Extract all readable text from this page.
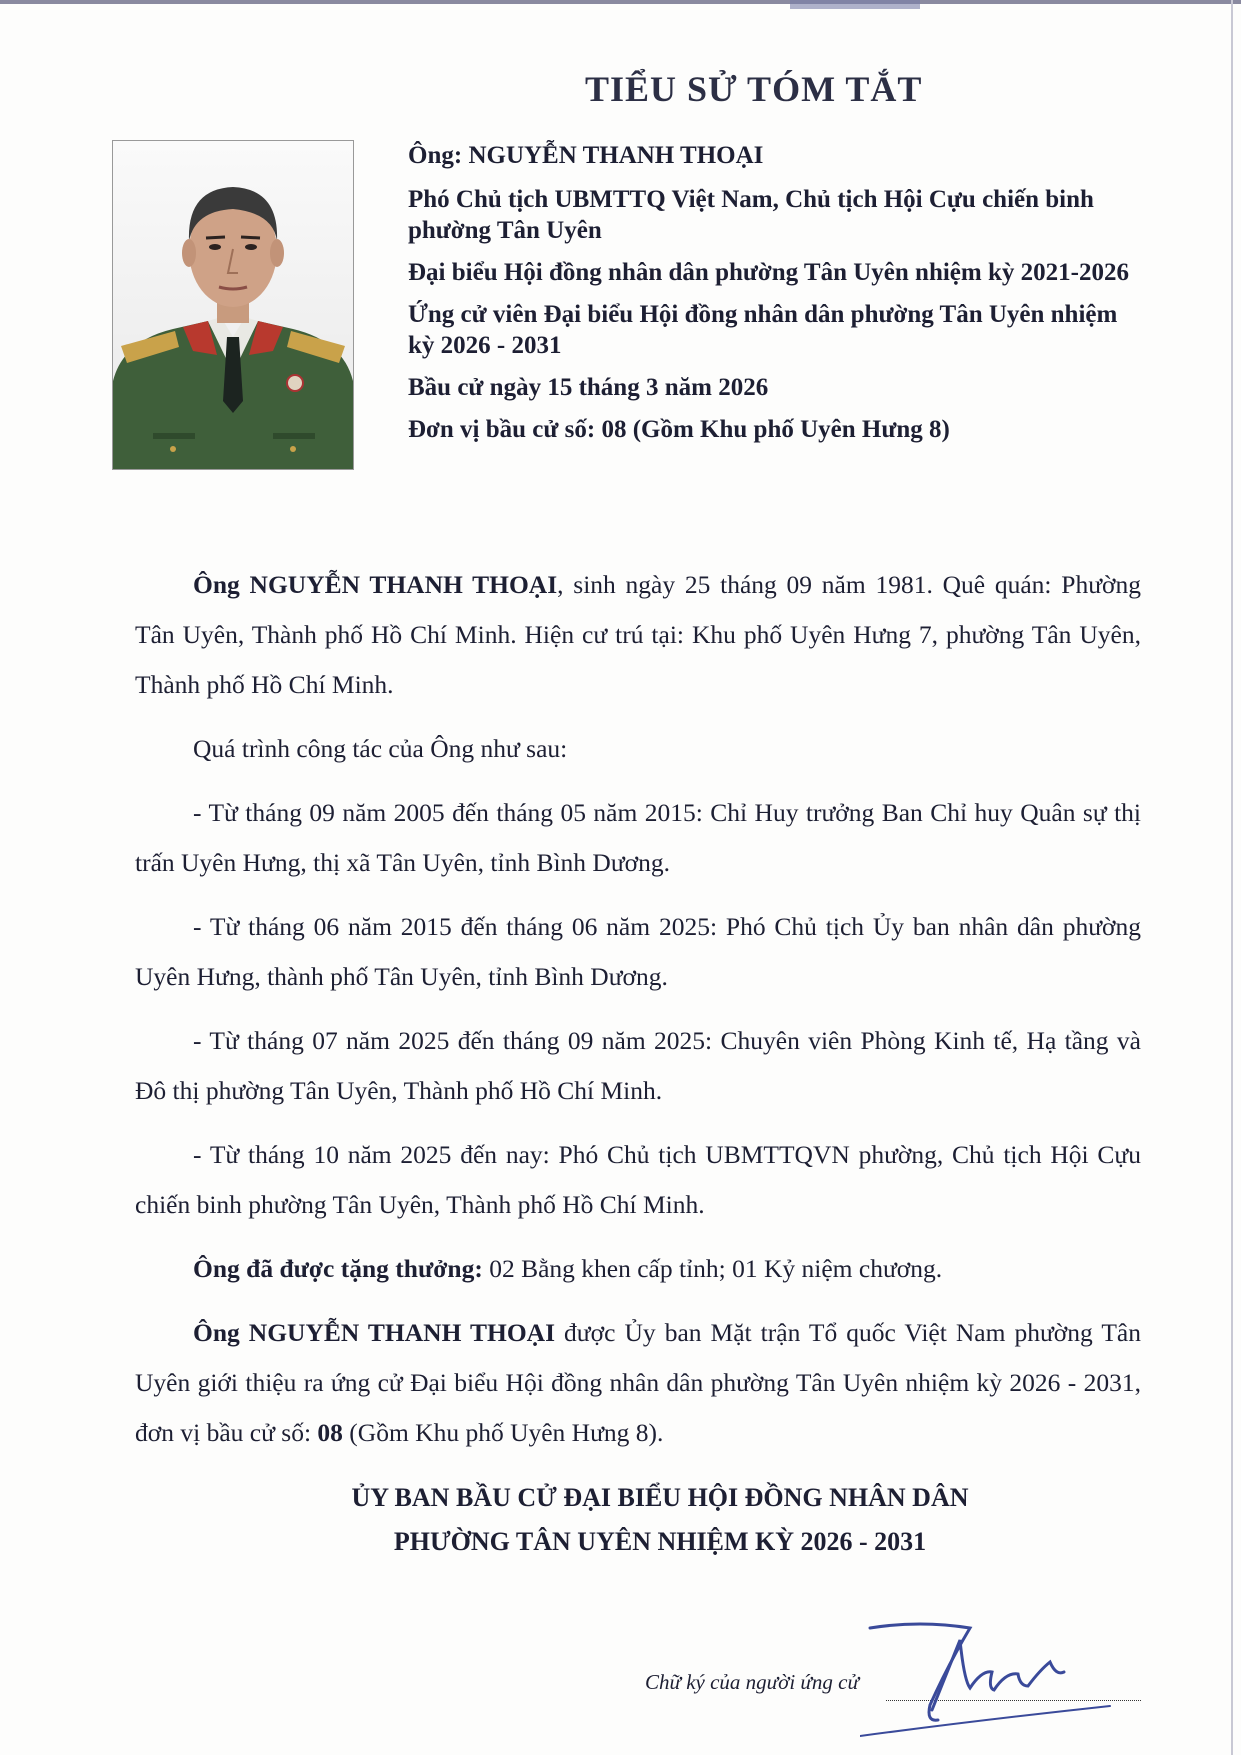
TIỂU SỬ TÓM TẮT

Ông: NGUYỄN THANH THOẠI

Phó Chủ tịch UBMTTQ Việt Nam, Chủ tịch Hội Cựu chiến binh phường Tân Uyên

Đại biểu Hội đồng nhân dân phường Tân Uyên nhiệm kỳ 2021-2026

Ứng cử viên Đại biểu Hội đồng nhân dân phường Tân Uyên nhiệm kỳ 2026 - 2031

Bầu cử ngày 15 tháng 3 năm 2026

Đơn vị bầu cử số: 08 (Gồm Khu phố Uyên Hưng 8)

Ông NGUYỄN THANH THOẠI, sinh ngày 25 tháng 09 năm 1981. Quê quán: Phường Tân Uyên, Thành phố Hồ Chí Minh. Hiện cư trú tại: Khu phố Uyên Hưng 7, phường Tân Uyên, Thành phố Hồ Chí Minh.

Quá trình công tác của Ông như sau:

- Từ tháng 09 năm 2005 đến tháng 05 năm 2015: Chỉ Huy trưởng Ban Chỉ huy Quân sự thị trấn Uyên Hưng, thị xã Tân Uyên, tỉnh Bình Dương.

- Từ tháng 06 năm 2015 đến tháng 06 năm 2025: Phó Chủ tịch Ủy ban nhân dân phường Uyên Hưng, thành phố Tân Uyên, tỉnh Bình Dương.

- Từ tháng 07 năm 2025 đến tháng 09 năm 2025: Chuyên viên Phòng Kinh tế, Hạ tầng và Đô thị phường Tân Uyên, Thành phố Hồ Chí Minh.

- Từ tháng 10 năm 2025 đến nay: Phó Chủ tịch UBMTTQVN phường, Chủ tịch Hội Cựu chiến binh phường Tân Uyên, Thành phố Hồ Chí Minh.

Ông đã được tặng thưởng: 02 Bằng khen cấp tỉnh; 01 Kỷ niệm chương.

Ông NGUYỄN THANH THOẠI được Ủy ban Mặt trận Tổ quốc Việt Nam phường Tân Uyên giới thiệu ra ứng cử Đại biểu Hội đồng nhân dân phường Tân Uyên nhiệm kỳ 2026 - 2031, đơn vị bầu cử số: 08 (Gồm Khu phố Uyên Hưng 8).

ỦY BAN BẦU CỬ ĐẠI BIỂU HỘI ĐỒNG NHÂN DÂN
PHƯỜNG TÂN UYÊN NHIỆM KỲ 2026 - 2031
Chữ ký của người ứng cử
